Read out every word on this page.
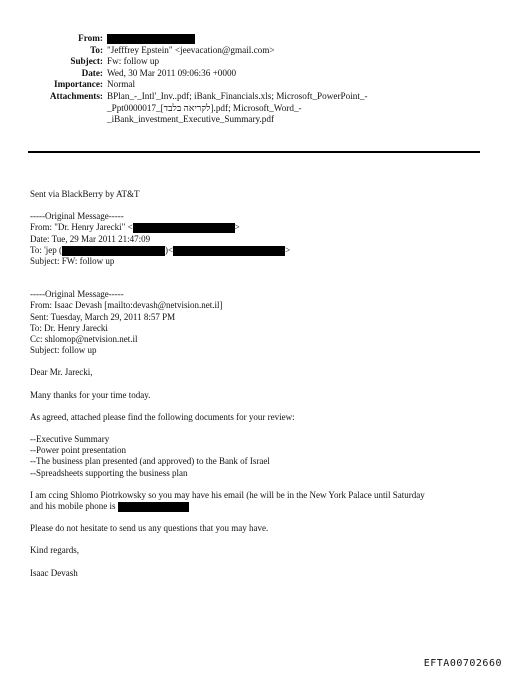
From:
To: "Jefffrey Epstein" <jeevacation@gmail.com>
Subject: Fw: follow up
Date: Wed, 30 Mar 2011 09:06:36 +0000
Importance: Normal
Attachments: BPlan_-_Intl'_Inv..pdf; iBank_Financials.xls; Microsoft_PowerPoint_-
_Ppt0000017_[לקריאה בלבד].pdf; Microsoft_Word_-
_iBank_investment_Executive_Summary.pdf
Sent via BlackBerry by AT&T
-----Original Message-----
From: "Dr. Henry Jarecki" <	>
Date: Tue, 29 Mar 2011 21:47:09
To: 'jep (	)<	>
Subject: FW: follow up
-----Original Message-----
From: Isaac Devash [mailto:devash@netvision.net.il]
Sent: Tuesday, March 29, 2011 8:57 PM
To: Dr. Henry Jarecki
Cc: shlomop@netvision.net.il
Subject: follow up
Dear Mr. Jarecki,
Many thanks for your time today.
As agreed, attached please find the following documents for your review:
--Executive Summary
--Power point presentation
--The business plan presented (and approved) to the Bank of Israel
--Spreadsheets supporting the business plan
I am ccing Shlomo Piotrkowsky so you may have his email (he will be in the New York Palace until Saturday
and his mobile phone is
Please do not hesitate to send us any questions that you may have.
Kind regards,
Isaac Devash
EFTA00702660
